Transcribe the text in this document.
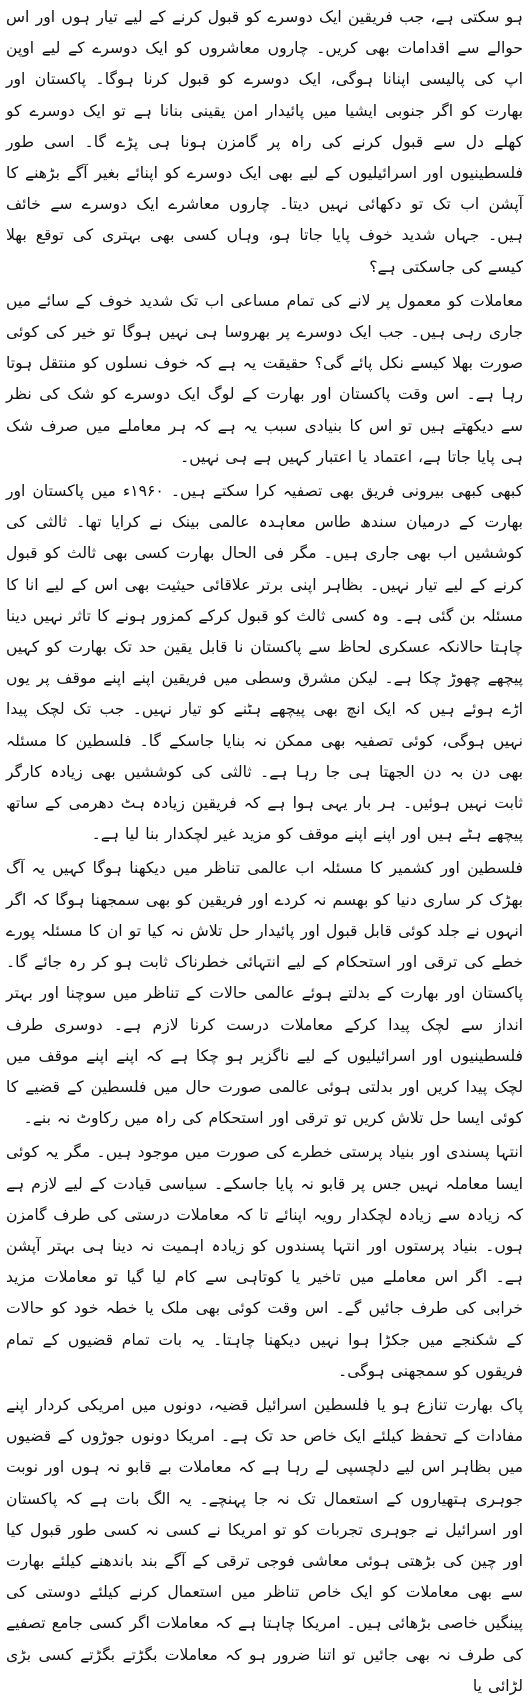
ہو سکتی ہے، جب فریقین ایک دوسرے کو قبول کرنے کے لیے تیار ہوں اور اس حوالے سے اقدامات بھی کریں۔ چاروں معاشروں کو ایک دوسرے کے لیے اوپن اپ کی پالیسی اپنانا ہوگی، ایک دوسرے کو قبول کرنا ہوگا۔ پاکستان اور بھارت کو اگر جنوبی ایشیا میں پائیدار امن یقینی بنانا ہے تو ایک دوسرے کو کھلے دل سے قبول کرنے کی راہ پر گامزن ہونا ہی پڑے گا۔ اسی طور فلسطینیوں اور اسرائیلیوں کے لیے بھی ایک دوسرے کو اپنائے بغیر آگے بڑھنے کا آپشن اب تک تو دکھائی نہیں دیتا۔ چاروں معاشرے ایک دوسرے سے خائف ہیں۔ جہاں شدید خوف پایا جاتا ہو، وہاں کسی بھی بہتری کی توقع بھلا کیسے کی جاسکتی ہے؟

معاملات کو معمول پر لانے کی تمام مساعی اب تک شدید خوف کے سائے میں جاری رہی ہیں۔ جب ایک دوسرے پر بھروسا ہی نہیں ہوگا تو خیر کی کوئی صورت بھلا کیسے نکل پائے گی؟ حقیقت یہ ہے کہ خوف نسلوں کو منتقل ہوتا رہا ہے۔ اس وقت پاکستان اور بھارت کے لوگ ایک دوسرے کو شک کی نظر سے دیکھتے ہیں تو اس کا بنیادی سبب یہ ہے کہ ہر معاملے میں صرف شک ہی پایا جاتا ہے، اعتماد یا اعتبار کہیں ہے ہی نہیں۔

کبھی کبھی بیرونی فریق بھی تصفیہ کرا سکتے ہیں۔ ۱۹۶۰ء میں پاکستان اور بھارت کے درمیان سندھ طاس معاہدہ عالمی بینک نے کرایا تھا۔ ثالثی کی کوششیں اب بھی جاری ہیں۔ مگر فی الحال بھارت کسی بھی ثالث کو قبول کرنے کے لیے تیار نہیں۔ بظاہر اپنی برتر علاقائی حیثیت بھی اس کے لیے انا کا مسئلہ بن گئی ہے۔ وہ کسی ثالث کو قبول کرکے کمزور ہونے کا تاثر نہیں دینا چاہتا حالانکہ عسکری لحاظ سے پاکستان نا قابل یقین حد تک بھارت کو کہیں پیچھے چھوڑ چکا ہے۔ لیکن مشرق وسطی میں فریقین اپنے اپنے موقف پر یوں اڑے ہوئے ہیں کہ ایک انچ بھی پیچھے ہٹنے کو تیار نہیں۔ جب تک لچک پیدا نہیں ہوگی، کوئی تصفیہ بھی ممکن نہ بنایا جاسکے گا۔ فلسطین کا مسئلہ بھی دن بہ دن الجھتا ہی جا رہا ہے۔ ثالثی کی کوششیں بھی زیادہ کارگر ثابت نہیں ہوئیں۔ ہر بار یہی ہوا ہے کہ فریقین زیادہ ہٹ دھرمی کے ساتھ پیچھے ہٹے ہیں اور اپنے اپنے موقف کو مزید غیر لچکدار بنا لیا ہے۔

فلسطین اور کشمیر کا مسئلہ اب عالمی تناظر میں دیکھنا ہوگا کہیں یہ آگ بھڑک کر ساری دنیا کو بھسم نہ کردے اور فریقین کو بھی سمجھنا ہوگا کہ اگر انہوں نے جلد کوئی قابل قبول اور پائیدار حل تلاش نہ کیا تو ان کا مسئلہ پورے خطے کی ترقی اور استحکام کے لیے انتہائی خطرناک ثابت ہو کر رہ جائے گا۔ پاکستان اور بھارت کے بدلتے ہوئے عالمی حالات کے تناظر میں سوچنا اور بہتر انداز سے لچک پیدا کرکے معاملات درست کرنا لازم ہے۔ دوسری طرف فلسطینیوں اور اسرائیلیوں کے لیے ناگزیر ہو چکا ہے کہ اپنے اپنے موقف میں لچک پیدا کریں اور بدلتی ہوئی عالمی صورت حال میں فلسطین کے قضیے کا کوئی ایسا حل تلاش کریں تو ترقی اور استحکام کی راہ میں رکاوٹ نہ بنے۔

انتہا پسندی اور بنیاد پرستی خطرے کی صورت میں موجود ہیں۔ مگر یہ کوئی ایسا معاملہ نہیں جس پر قابو نہ پایا جاسکے۔ سیاسی قیادت کے لیے لازم ہے کہ زیادہ سے زیادہ لچکدار رویہ اپنائے تا کہ معاملات درستی کی طرف گامزن ہوں۔ بنیاد پرستوں اور انتہا پسندوں کو زیادہ اہمیت نہ دینا ہی بہتر آپشن ہے۔ اگر اس معاملے میں تاخیر یا کوتاہی سے کام لیا گیا تو معاملات مزید خرابی کی طرف جائیں گے۔ اس وقت کوئی بھی ملک یا خطہ خود کو حالات کے شکنجے میں جکڑا ہوا نہیں دیکھنا چاہتا۔ یہ بات تمام قضیوں کے تمام فریقوں کو سمجھنی ہوگی۔

پاک بھارت تنازع ہو یا فلسطین اسرائیل قضیہ، دونوں میں امریکی کردار اپنے مفادات کے تحفظ کیلئے ایک خاص حد تک ہے۔ امریکا دونوں جوڑوں کے قضیوں میں بظاہر اس لیے دلچسپی لے رہا ہے کہ معاملات بے قابو نہ ہوں اور نوبت جوہری ہتھیاروں کے استعمال تک نہ جا پہنچے۔ یہ الگ بات ہے کہ پاکستان اور اسرائیل نے جوہری تجربات کو تو امریکا نے کسی نہ کسی طور قبول کیا اور چین کی بڑھتی ہوئی معاشی فوجی ترقی کے آگے بند باندھنے کیلئے بھارت سے بھی معاملات کو ایک خاص تناظر میں استعمال کرنے کیلئے دوستی کی پینگیں خاصی بڑھائی ہیں۔ امریکا چاہتا ہے کہ معاملات اگر کسی جامع تصفیے کی طرف نہ بھی جائیں تو اتنا ضرور ہو کہ معاملات بگڑتے بگڑتے کسی بڑی لڑائی یا
